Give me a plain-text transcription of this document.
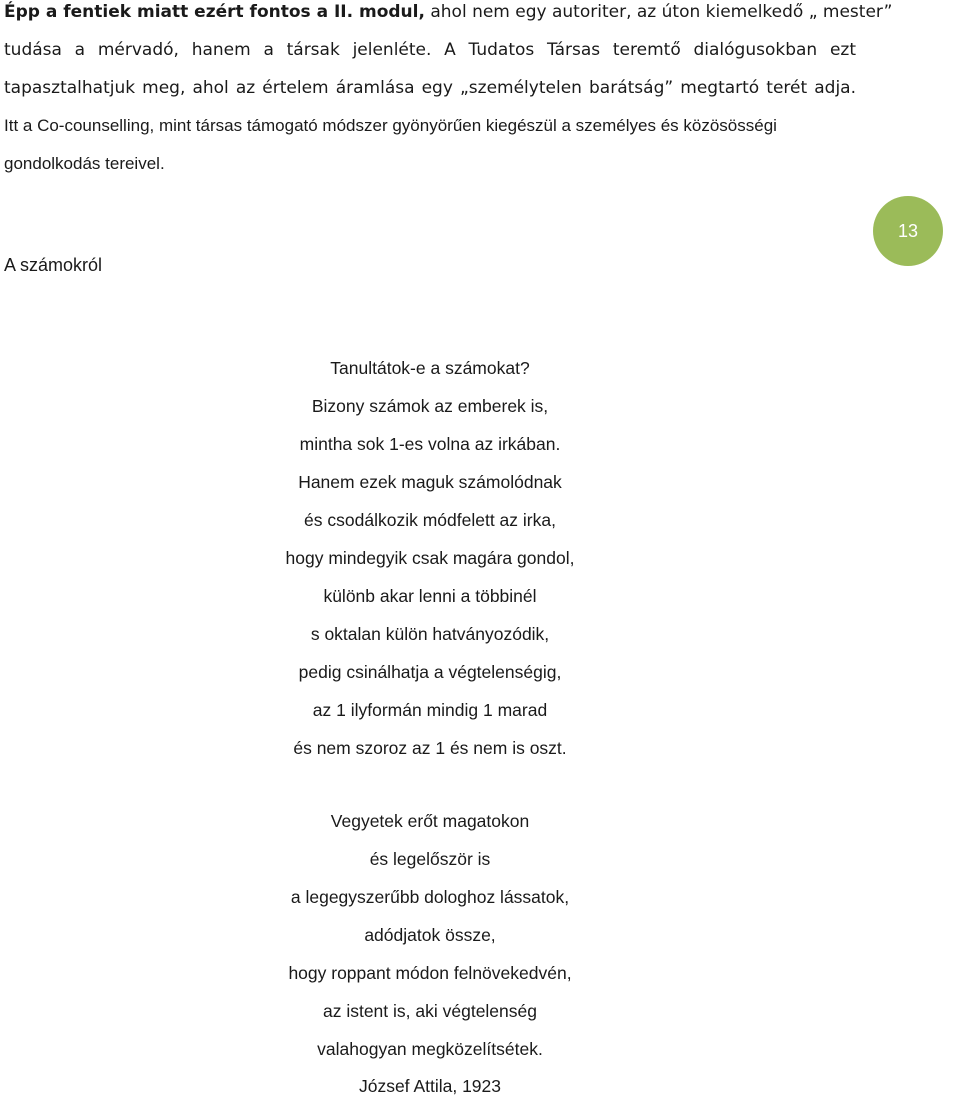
Épp a fentiek miatt ezért fontos a II. modul, ahol nem egy autoriter, az úton kiemelkedő „ mester”
tudása a mérvadó, hanem a társak jelenléte. A Tudatos Társas teremtő dialógusokban ezt
tapasztalhatjuk meg, ahol az értelem áramlása egy „személytelen barátság” megtartó terét adja.
Itt a Co-counselling, mint társas támogató módszer gyönyörűen kiegészül a személyes és közösösségi
gondolkodás tereivel.
A számokról
13
Tanultátok-e a számokat?
Bizony számok az emberek is,
mintha sok 1-es volna az irkában.
Hanem ezek maguk számolódnak
és csodálkozik módfelett az irka,
hogy mindegyik csak magára gondol,
különb akar lenni a többinél
s oktalan külön hatványozódik,
pedig csinálhatja a végtelenségig,
az 1 ilyformán mindig 1 marad
és nem szoroz az 1 és nem is oszt.
Vegyetek erőt magatokon
és legelőször is
a legegyszerűbb dologhoz lássatok,
adódjatok össze,
hogy roppant módon felnövekedvén,
az istent is, aki végtelenség
valahogyan megközelítsétek.

József Attila, 1923
